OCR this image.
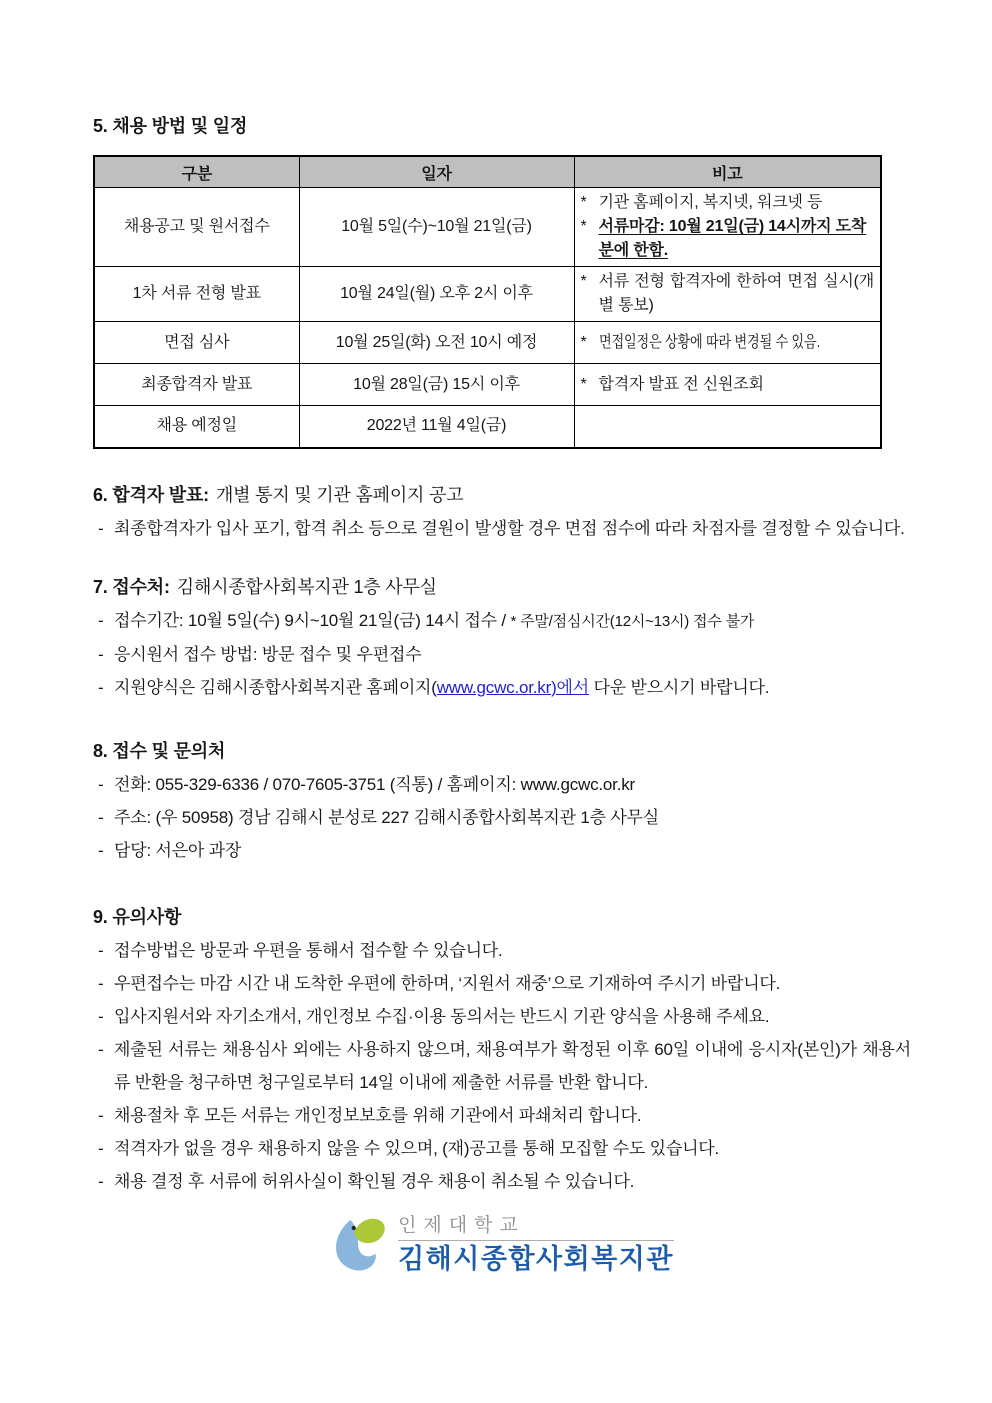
5. 채용 방법 및 일정
구분	일자	비고
채용공고 및 원서접수	10월 5일(수)~10월 21일(금)	* 기관 홈페이지, 복지넷, 워크넷 등
* 서류마감: 10월 21일(금) 14시까지 도착분에 한함.

1차 서류 전형 발표	10월 24일(월) 오후 2시 이후	* 서류 전형 합격자에 한하여 면접 실시(개별 통보)

면접 심사	10월 25일(화) 오전 10시 예정	* 면접일정은 상황에 따라 변경될 수 있음.

최종합격자 발표	10월 28일(금) 15시 이후	* 합격자 발표 전 신원조회

채용 예정일	2022년 11월 4일(금)	
6. 합격자 발표: 개별 통지 및 기관 홈페이지 공고
- 최종합격자가 입사 포기, 합격 취소 등으로 결원이 발생할 경우 면접 점수에 따라 차점자를 결정할 수 있습니다.
7. 접수처: 김해시종합사회복지관 1층 사무실
- 접수기간: 10월 5일(수) 9시~10월 21일(금) 14시 접수 / * 주말/점심시간(12시~13시) 접수 불가
- 응시원서 접수 방법: 방문 접수 및 우편접수
- 지원양식은 김해시종합사회복지관 홈페이지(www.gcwc.or.kr)에서 다운 받으시기 바랍니다.
8. 접수 및 문의처
- 전화: 055-329-6336 / 070-7605-3751 (직통) / 홈페이지: www.gcwc.or.kr
- 주소: (우 50958) 경남 김해시 분성로 227 김해시종합사회복지관 1층 사무실
- 담당: 서은아 과장
9. 유의사항
- 접수방법은 방문과 우편을 통해서 접수할 수 있습니다.
- 우편접수는 마감 시간 내 도착한 우편에 한하며, ‘지원서 재중’으로 기재하여 주시기 바랍니다.
- 입사지원서와 자기소개서, 개인정보 수집·이용 동의서는 반드시 기관 양식을 사용해 주세요.
- 제출된 서류는 채용심사 외에는 사용하지 않으며, 채용여부가 확정된 이후 60일 이내에 응시자(본인)가 채용서류 반환을 청구하면 청구일로부터 14일 이내에 제출한 서류를 반환 합니다.
- 채용절차 후 모든 서류는 개인정보보호를 위해 기관에서 파쇄처리 합니다.
- 적격자가 없을 경우 채용하지 않을 수 있으며, (재)공고를 통해 모집할 수도 있습니다.
- 채용 결정 후 서류에 허위사실이 확인될 경우 채용이 취소될 수 있습니다.
인제대학교
김해시종합사회복지관
